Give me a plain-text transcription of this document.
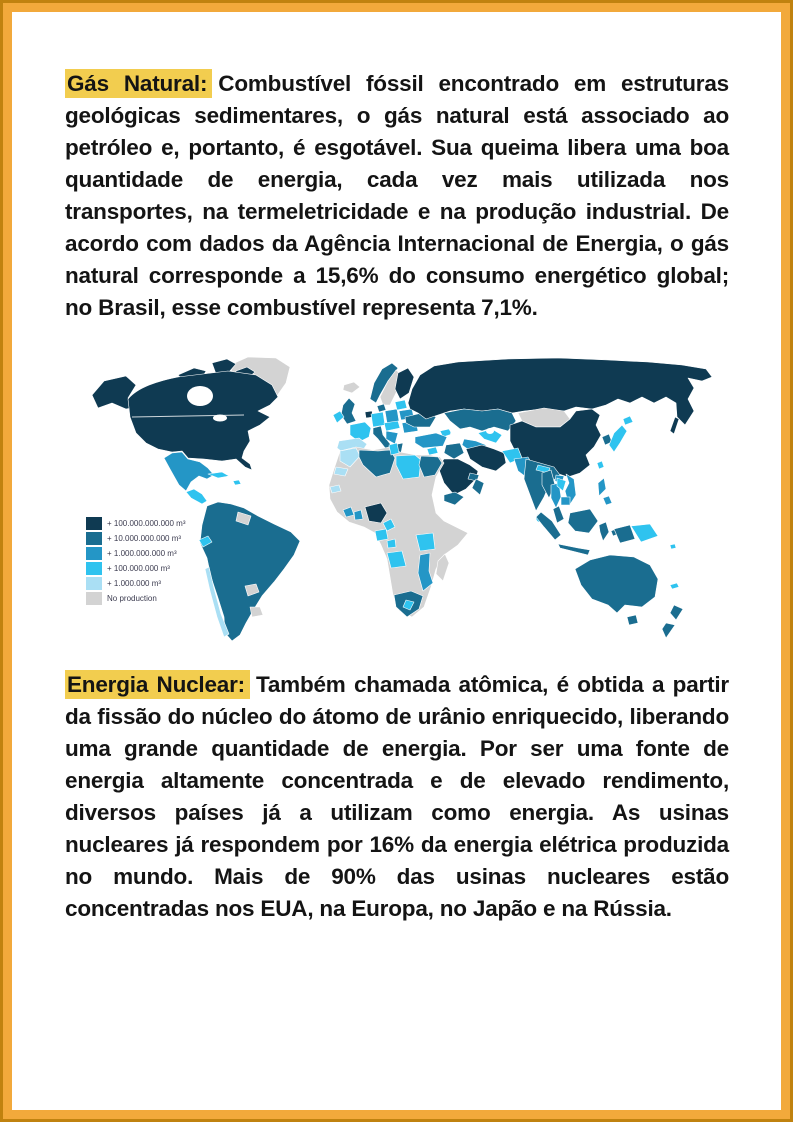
Gás Natural: Combustível fóssil encontrado em estruturas geológicas sedimentares, o gás natural está associado ao petróleo e, portanto, é esgotável. Sua queima libera uma boa quantidade de energia, cada vez mais utilizada nos transportes, na termeletricidade e na produção industrial. De acordo com dados da Agência Internacional de Energia, o gás natural corresponde a 15,6% do consumo energético global; no Brasil, esse combustível representa 7,1%.

+ 100.000.000.000 m³
+ 10.000.000.000 m³
+ 1.000.000.000 m³
+ 100.000.000 m³
+ 1.000.000 m³
No production

Energia Nuclear: Também chamada atômica, é obtida a partir da fissão do núcleo do átomo de urânio enriquecido, liberando uma grande quantidade de energia. Por ser uma fonte de energia altamente concentrada e de elevado rendimento, diversos países já a utilizam como energia. As usinas nucleares já respondem por 16% da energia elétrica produzida no mundo. Mais de 90% das usinas nucleares estão concentradas nos EUA, na Europa, no Japão e na Rússia.
